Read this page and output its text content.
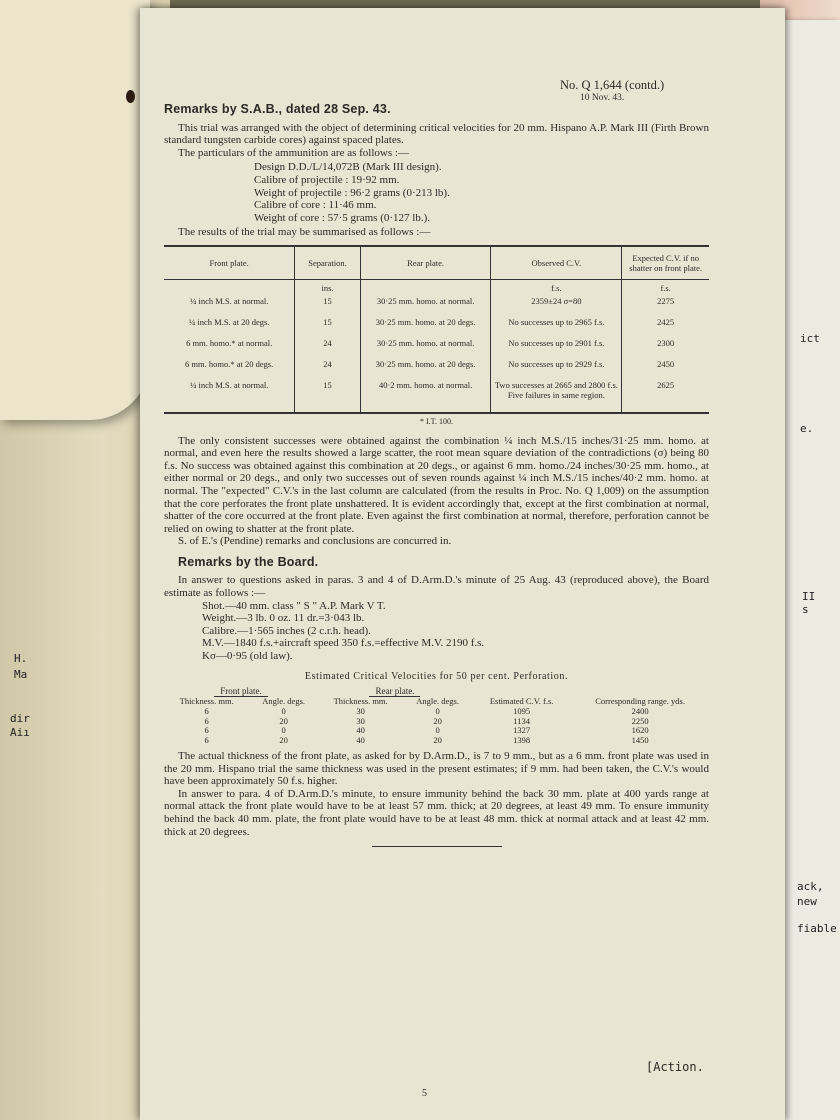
ict
e.
II
s
ack,
new
fiable
H.
Ma
dir
Aiı
No. Q 1,644 (contd.)
10 Nov. 43.
Remarks by S.A.B., dated 28 Sep. 43.

This trial was arranged with the object of determining critical velocities for 20 mm. Hispano A.P. Mark III (Firth Brown standard tungsten carbide cores) against spaced plates.

The particulars of the ammunition are as follows :—

Design D.D./L/14,072B (Mark III design).
Calibre of projectile : 19·92 mm.
Weight of projectile : 96·2 grams (0·213 lb).
Calibre of core : 11·46 mm.
Weight of core : 57·5 grams (0·127 lb.).

The results of the trial may be summarised as follows :—

Front plate.	Separation.	Rear plate.	Observed C.V.	Expected C.V. if no shatter on front plate.
	ins.		f.s.	f.s.
¼ inch M.S. at normal.	15	30·25 mm. homo. at normal.	2359±24 σ=80	2275
¼ inch M.S. at 20 degs.	15	30·25 mm. homo. at 20 degs.	No successes up to 2965 f.s.	2425
6 mm. homo.* at normal.	24	30·25 mm. homo. at normal.	No successes up to 2901 f.s.	2300
6 mm. homo.* at 20 degs.	24	30·25 mm. homo. at 20 degs.	No successes up to 2929 f.s.	2450
¼ inch M.S. at normal.	15	40·2 mm. homo. at normal.	Two successes at 2665 and 2800 f.s. Five failures in same region.	2625
* I.T. 100.

The only consistent successes were obtained against the combination ¼ inch M.S./15 inches/31·25 mm. homo. at normal, and even here the results showed a large scatter, the root mean square deviation of the contradictions (σ) being 80 f.s. No success was obtained against this combination at 20 degs., or against 6 mm. homo./24 inches/30·25 mm. homo., at either normal or 20 degs., and only two successes out of seven rounds against ¼ inch M.S./15 inches/40·2 mm. homo. at normal. The "expected" C.V.'s in the last column are calculated (from the results in Proc. No. Q 1,009) on the assumption that the core perforates the front plate unshattered. It is evident accordingly that, except at the first combination at normal, shatter of the core occurred at the front plate. Even against the first combination at normal, therefore, perforation cannot be relied on owing to shatter at the front plate.

S. of E.'s (Pendine) remarks and conclusions are concurred in.

Remarks by the Board.

In answer to questions asked in paras. 3 and 4 of D.Arm.D.'s minute of 25 Aug. 43 (reproduced above), the Board estimate as follows :—

Shot.—40 mm. class " S " A.P. Mark V T.
Weight.—3 lb. 0 oz. 11 dr.=3·043 lb.
Calibre.—1·565 inches (2 c.r.h. head).
M.V.—1840 f.s.+aircraft speed 350 f.s.=effective M.V. 2190 f.s.
Kσ—0·95 (old law).
Estimated Critical Velocities for 50 per cent. Perforation.
Front plate.		Rear plate.			
Thickness. mm.	Angle. degs.	Thickness. mm.	Angle. degs.	Estimated C.V. f.s.	Corresponding range. yds.
6	0	30	0	1095	2400
6	20	30	20	1134	2250
6	0	40	0	1327	1620
6	20	40	20	1398	1450

The actual thickness of the front plate, as asked for by D.Arm.D., is 7 to 9 mm., but as a 6 mm. front plate was used in the 20 mm. Hispano trial the same thickness was used in the present estimates; if 9 mm. had been taken, the C.V.'s would have been approximately 50 f.s. higher.

In answer to para. 4 of D.Arm.D.'s minute, to ensure immunity behind the back 30 mm. plate at 400 yards range at normal attack the front plate would have to be at least 57 mm. thick; at 20 degrees, at least 49 mm. To ensure immunity behind the back 40 mm. plate, the front plate would have to be at least 48 mm. thick at normal attack and at least 42 mm. thick at 20 degrees.

[Action.
5
